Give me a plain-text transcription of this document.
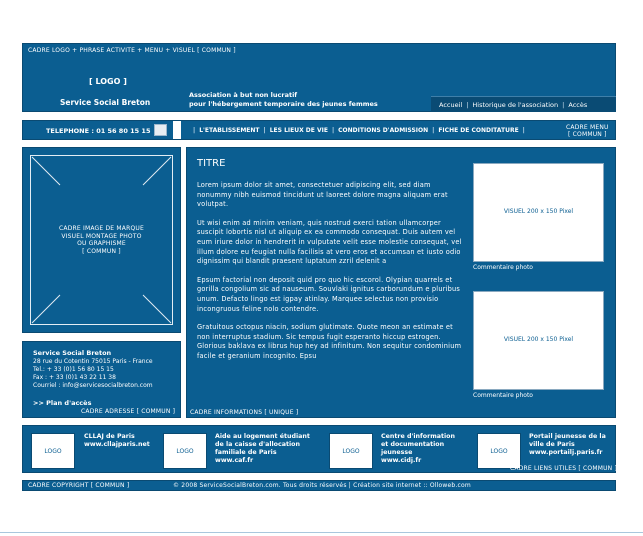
CADRE LOGO + PHRASE ACTIVITE + MENU + VISUEL [ COMMUN ]
[ LOGO ]
Service Social Breton
Association à but non lucratif
pour l'hébergement temporaire des jeunes femmes	Accueil | Historique de l'association | Accès
TELEPHONE : 01 56 80 15 15	| L'ETABLISSEMENT | LES LIEUX DE VIE | CONDITIONS D'ADMISSION | FICHE DE CONDITATURE |	CADRE MENU
[ COMMUN ]
CADRE IMAGE DE MARQUE
VISUEL MONTAGE PHOTO
OU GRAPHISME
[ COMMUN ]
Service Social Breton
28 rue du Cotentin 75015 Paris - France
Tel.: + 33 (0)1 56 80 15 15
Fax : + 33 (0)1 43 22 11 38
Courriel : info@servicesocialbreton.com
>> Plan d'accès
CADRE ADRESSE [ COMMUN ]
TITRE

Lorem ipsum dolor sit amet, consectetuer adipiscing elit, sed diam nonummy nibh euismod tincidunt ut laoreet dolore magna aliquam erat volutpat.

Ut wisi enim ad minim veniam, quis nostrud exerci tation ullamcorper suscipit lobortis nisl ut aliquip ex ea commodo consequat. Duis autem vel eum iriure dolor in hendrerit in vulputate velit esse molestie consequat, vel illum dolore eu feugiat nulla facilisis at vero eros et accumsan et iusto odio dignissim qui blandit praesent luptatum zzril delenit a

Epsum factorial non deposit quid pro quo hic escorol. Olypian quarrels et gorilla congolium sic ad nauseum. Souvlaki ignitus carborundum e pluribus unum. Defacto lingo est igpay atinlay. Marquee selectus non provisio incongruous feline nolo contendre.

Gratuitous octopus niacin, sodium glutimate. Quote meon an estimate et non interruptus stadium. Sic tempus fugit esperanto hiccup estrogen. Glorious baklava ex librus hup hey ad infinitum. Non sequitur condominium facile et geranium incognito. Epsu

VISUEL 200 x 150 Pixel
Commentaire photo
VISUEL 200 x 150 Pixel
Commentaire photo
CADRE INFORMATIONS [ UNIQUE ]
LOGO
CLLAJ de Paris
www.cllajparis.net
LOGO
Aide au logement étudiant
de la caisse d'allocation
familiale de Paris
www.caf.fr
LOGO
Centre d'information
et documentation
jeunesse
www.cidj.fr
LOGO
Portail jeunesse de la
ville de Paris
www.portailj.paris.fr
CADRE LIENS UTILES [ COMMUN ]
CADRE COPYRIGHT [ COMMUN ]	© 2008 ServiceSocialBreton.com. Tous droits réservés | Création site internet :: Olloweb.com
